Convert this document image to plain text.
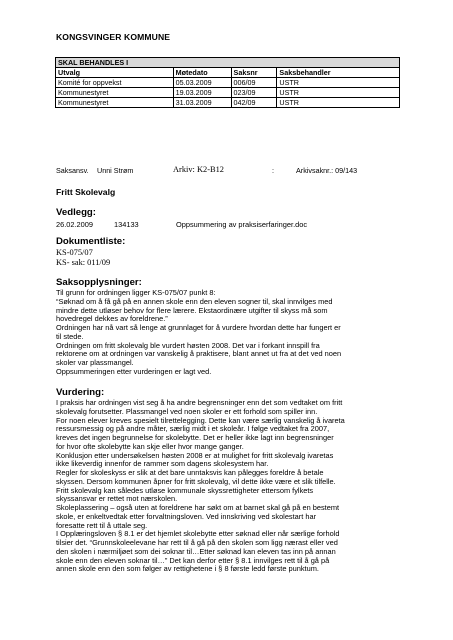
KONGSVINGER KOMMUNE
SKAL BEHANDLES I			
Utvalg	Møtedato	Saksnr	Saksbehandler
Komité for oppvekst	05.03.2009	006/09	USTR
Kommunestyret	19.03.2009	023/09	USTR
Kommunestyret	31.03.2009	042/09	USTR
Saksansv. Unni Strøm	Arkiv: K2-B12	:	Arkivsaknr.: 09/143
Fritt Skolevalg
Vedlegg:
26.02.2009	134133	Oppsummering av praksiserfaringer.doc
Dokumentliste:
KS-075/07
KS- sak: 011/09
Saksopplysninger:
Til grunn for ordningen ligger KS-075/07 punkt 8:
“Søknad om å få gå på en annen skole enn den eleven sogner til, skal innvilges med
mindre dette utløser behov for flere lærere. Ekstaordinære utgifter til skyss må som
hovedregel dekkes av foreldrene.”
Ordningen har nå vart så lenge at grunnlaget for å vurdere hvordan dette har fungert er
til stede.
Ordningen om fritt skolevalg ble vurdert høsten 2008. Det var i forkant innspill fra
rektorene om at ordningen var vanskelig å praktisere, blant annet ut fra at det ved noen
skoler var plassmangel.
Oppsummeringen etter vurderingen er lagt ved.
Vurdering:
I praksis har ordningen vist seg å ha andre begrensninger enn det som vedtaket om fritt
skolevalg forutsetter. Plassmangel ved noen skoler er ett forhold som spiller inn.
For noen elever kreves spesielt tilrettelegging. Dette kan være særlig vanskelig å ivareta
ressursmessig og på andre måter, særlig midt i et skoleår. I følge vedtaket fra 2007,
kreves det ingen begrunnelse for skolebytte. Det er heller ikke lagt inn begrensninger
for hvor ofte skolebytte kan skje eller hvor mange ganger.
Konklusjon etter undersøkelsen høsten 2008 er at mulighet for fritt skolevalg ivaretas
ikke likeverdig innenfor de rammer som dagens skolesystem har.
Regler for skoleskyss er slik at det bare unntaksvis kan pålegges foreldre å betale
skyssen. Dersom kommunen åpner for fritt skolevalg, vil dette ikke være et slik tilfelle.
Fritt skolevalg kan således utløse kommunale skyssrettigheter ettersom fylkets
skyssansvar er rettet mot nærskolen.
Skoleplassering – også uten at foreldrene har søkt om at barnet skal gå på en bestemt
skole, er enkeltvedtak etter forvaltningsloven. Ved innskriving ved skolestart har
foresatte rett til å uttale seg.
I Opplæringsloven § 8.1 er det hjemlet skolebytte etter søknad eller når særlige forhold
tilsier det. “Grunnskoleelevane har rett til å gå på den skolen som ligg nærast eller ved
den skolen i nærmiljøet som dei soknar til…Etter søknad kan eleven tas inn på annan
skole enn den eleven soknar til…” Det kan derfor etter § 8.1 innvilges rett til å gå på
annen skole enn den som følger av rettighetene i § 8 første ledd første punktum.
